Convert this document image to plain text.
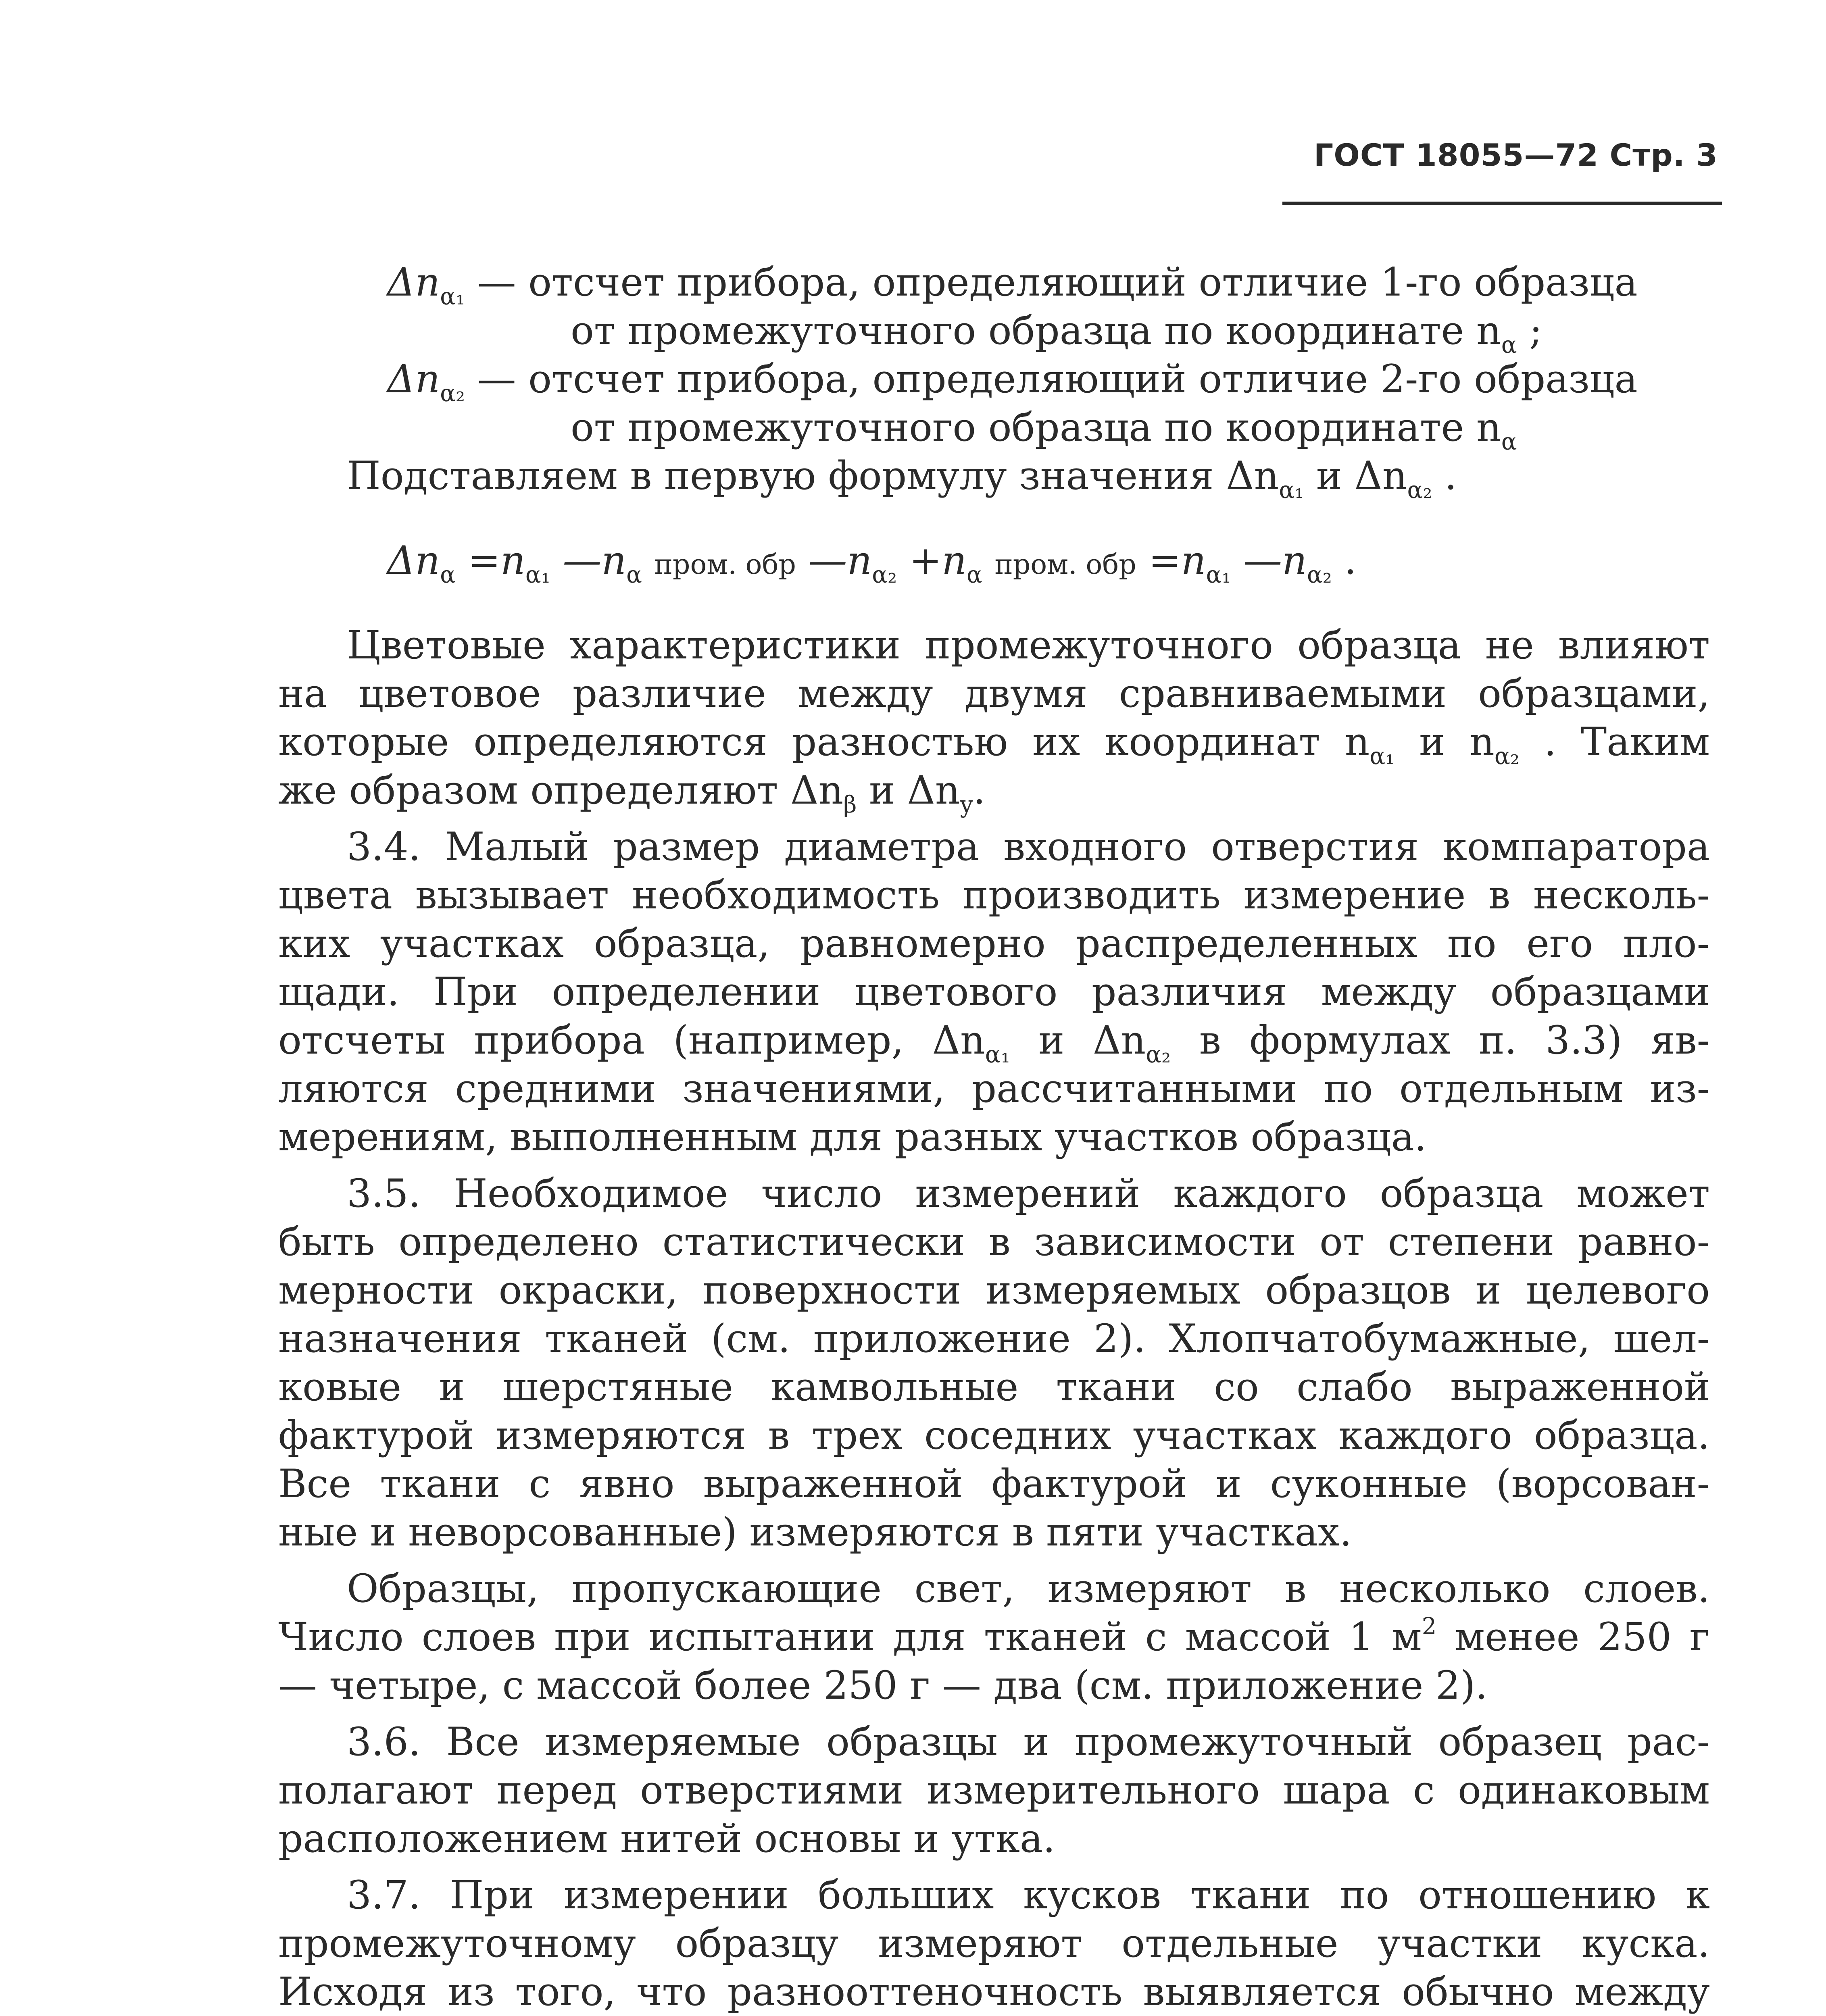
ГОСТ 18055—72 Стр. 3
$\Delta n_{\alpha_1}$ — отсчет прибора, определяющий отличие 1-го образца
от промежуточного образца по координате $n_\alpha$ ;
$\Delta n_{\alpha_2}$ — отсчет прибора, определяющий отличие 2-го образца
от промежуточного образца по координате $n_\alpha$
Подставляем в первую формулу значения $\Delta n_{\alpha_1}$ и $\Delta n_{\alpha_2}$ .
$\Delta n_\alpha =n_{\alpha_1}$ $—n_\alpha$ пром. обр $—n_{\alpha_2} +n_\alpha$ пром. обр $=n_{\alpha_1}$ $—n_{\alpha_2}$ .
Цветовые характеристики промежуточного образца не влияют
на цветовое различие между двумя сравниваемыми образцами,
которые определяются разностью их координат $n_{\alpha_1}$ и $n_{\alpha_2}$ . Таким
же образом определяют $\Delta n_\beta$ и $\Delta n_y$.
3.4. Малый размер диаметра входного отверстия компаратора
цвета вызывает необходимость производить измерение в несколь-
ких участках образца, равномерно распределенных по его пло-
щади. При определении цветового различия между образцами
отсчеты прибора (например, $\Delta n_{\alpha_1}$ и $\Delta n_{\alpha_2}$ в формулах п. 3.3) яв-
ляются средними значениями, рассчитанными по отдельным из-
мерениям, выполненным для разных участков образца.
3.5. Необходимое число измерений каждого образца может
быть определено статистически в зависимости от степени равно-
мерности окраски, поверхности измеряемых образцов и целевого
назначения тканей (см. приложение 2). Хлопчатобумажные, шел-
ковые и шерстяные камвольные ткани со слабо выраженной
фактурой измеряются в трех соседних участках каждого образца.
Все ткани с явно выраженной фактурой и суконные (ворсован-
ные и неворсованные) измеряются в пяти участках.
Образцы, пропускающие свет, измеряют в несколько слоев.
Число слоев при испытании для тканей с массой 1 $м^2$ менее 250 г
— четыре, с массой более 250 г — два (см. приложение 2).
3.6. Все измеряемые образцы и промежуточный образец рас-
полагают перед отверстиями измерительного шара с одинаковым
расположением нитей основы и утка.
3.7. При измерении больших кусков ткани по отношению к
промежуточному образцу измеряют отдельные участки куска.
Исходя из того, что разнооттеночность выявляется обычно между
